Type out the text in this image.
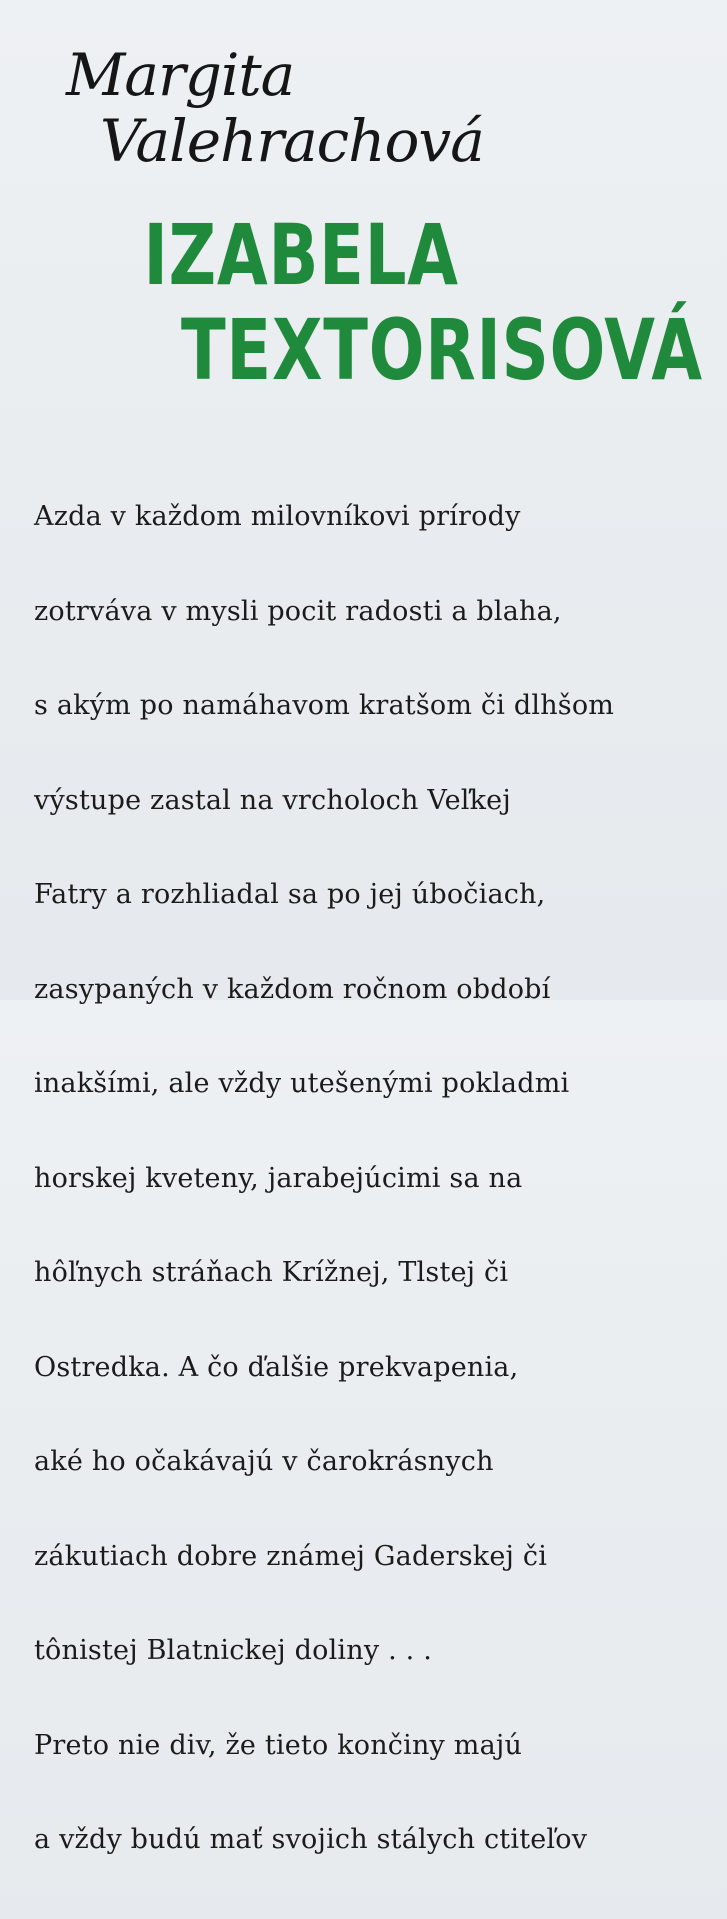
Margita
Valehrachová
IZABELA
TEXTORISOVÁ

Azda v každom milovníkovi prírody

zotrváva v mysli pocit radosti a blaha,

s akým po namáhavom kratšom či dlhšom

výstupe zastal na vrcholoch Veľkej

Fatry a rozhliadal sa po jej úbočiach,

zasypaných v každom ročnom období

inakšími, ale vždy utešenými pokladmi

horskej kveteny, jarabejúcimi sa na

hôľnych stráňach Krížnej, Tlstej či

Ostredka. A čo ďalšie prekvapenia,

aké ho očakávajú v čarokrásnych

zákutiach dobre známej Gaderskej či

tônistej Blatnickej doliny . . .

Preto nie div, že tieto končiny majú

a vždy budú mať svojich stálych ctiteľov
